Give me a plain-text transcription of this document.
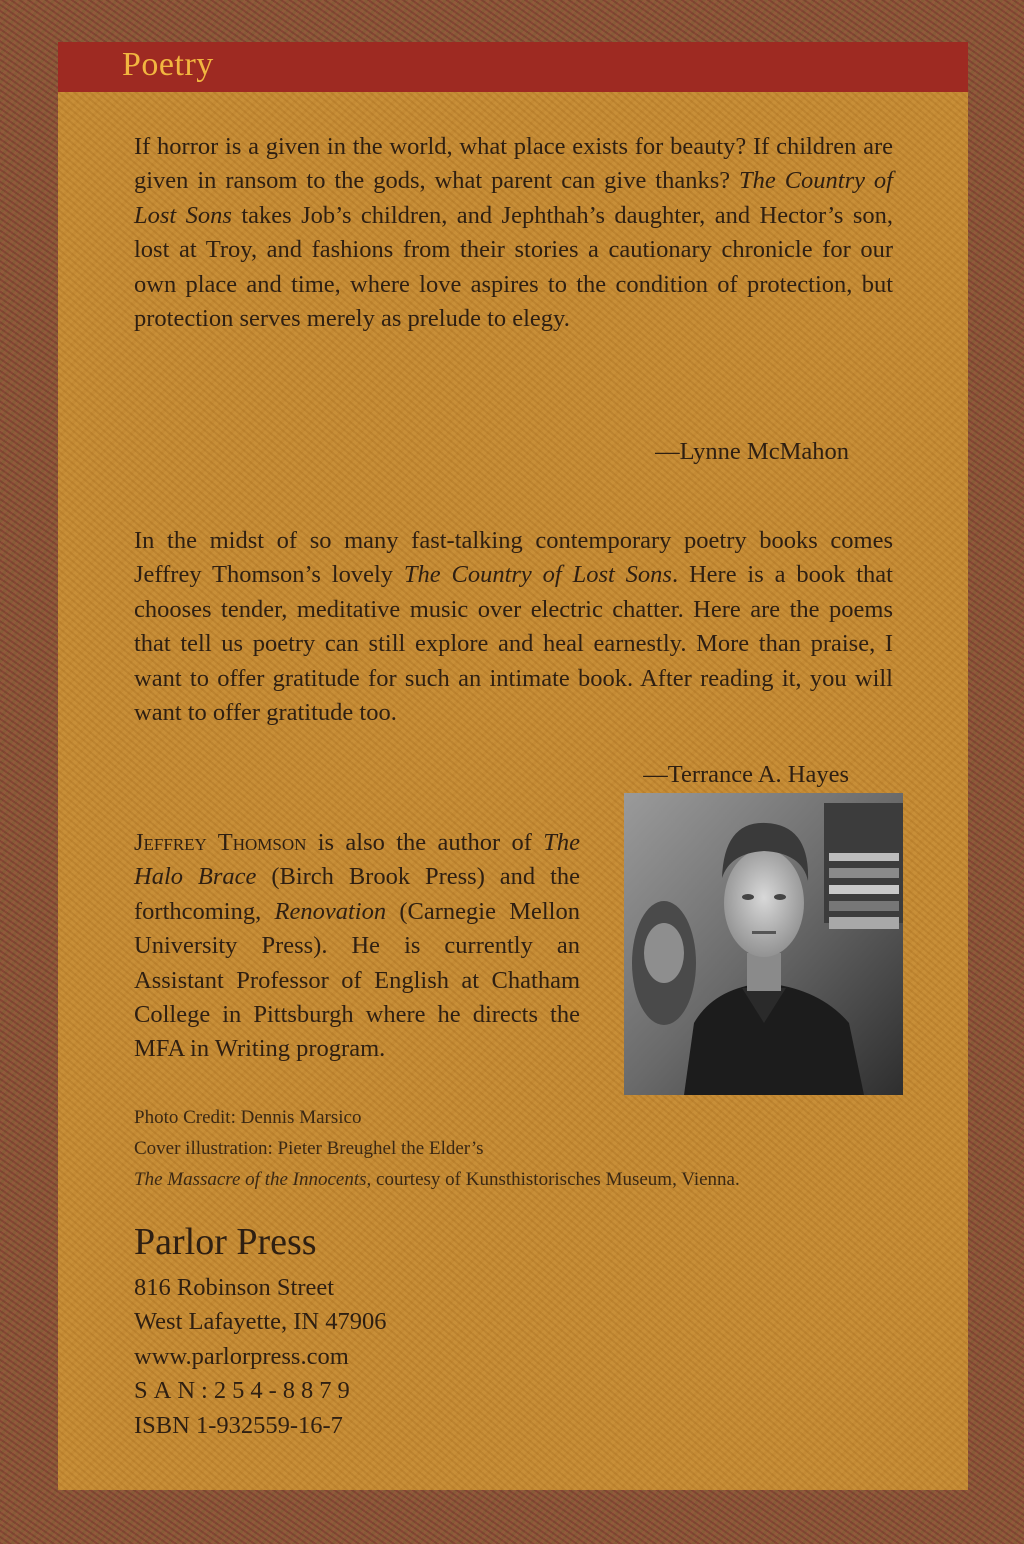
Poetry

If horror is a given in the world, what place exists for beauty? If children are given in ransom to the gods, what parent can give thanks? The Country of Lost Sons takes Job’s children, and Jephthah’s daughter, and Hector’s son, lost at Troy, and fashions from their stories a cautionary chronicle for our own place and time, where love aspires to the condition of protection, but protection serves merely as prelude to elegy.

—Lynne McMahon

In the midst of so many fast-talking contemporary poetry books comes Jeffrey Thomson’s lovely The Country of Lost Sons. Here is a book that chooses tender, meditative music over electric chatter. Here are the poems that tell us poetry can still explore and heal earnestly. More than praise, I want to offer gratitude for such an intimate book. After reading it, you will want to offer gratitude too.

—Terrance A. Hayes

Jeffrey Thomson is also the author of The Halo Brace (Birch Brook Press) and the forthcoming, Renovation (Carnegie Mellon University Press). He is currently an Assistant Professor of English at Chatham College in Pittsburgh where he directs the MFA in Writing program.

Photo Credit: Dennis Marsico
Cover illustration: Pieter Breughel the Elder’s
The Massacre of the Innocents, courtesy of Kunsthistorisches Museum, Vienna.
Parlor Press
816 Robinson Street
West Lafayette, IN 47906
www.parlorpress.com
SAN:254-8879
ISBN 1-932559-16-7
